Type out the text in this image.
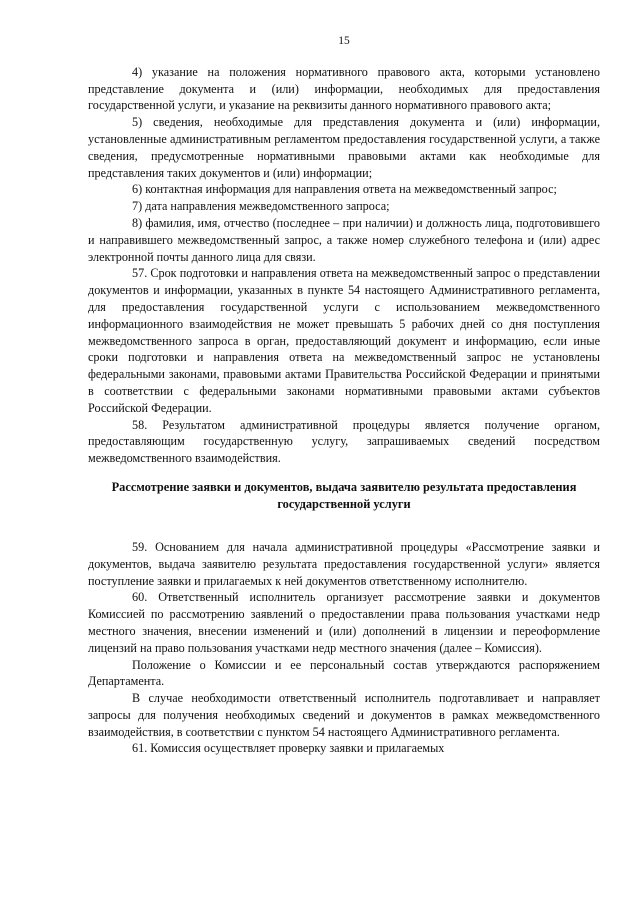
15

4) указание на положения нормативного правового акта, которыми установлено представление документа и (или) информации, необходимых для предоставления государственной услуги, и указание на реквизиты данного нормативного правового акта;

5) сведения, необходимые для представления документа и (или) информации, установленные административным регламентом предоставления государственной услуги, а также сведения, предусмотренные нормативными правовыми актами как необходимые для представления таких документов и (или) информации;

6) контактная информация для направления ответа на межведомственный запрос;

7) дата направления межведомственного запроса;

8) фамилия, имя, отчество (последнее – при наличии) и должность лица, подготовившего и направившего межведомственный запрос, а также номер служебного телефона и (или) адрес электронной почты данного лица для связи.

57. Срок подготовки и направления ответа на межведомственный запрос о представлении документов и информации, указанных в пункте 54 настоящего Административного регламента, для предоставления государственной услуги с использованием межведомственного информационного взаимодействия не может превышать 5 рабочих дней со дня поступления межведомственного запроса в орган, предоставляющий документ и информацию, если иные сроки подготовки и направления ответа на межведомственный запрос не установлены федеральными законами, правовыми актами Правительства Российской Федерации и принятыми в соответствии с федеральными законами нормативными правовыми актами субъектов Российской Федерации.

58. Результатом административной процедуры является получение органом, предоставляющим государственную услугу, запрашиваемых сведений посредством межведомственного взаимодействия.

Рассмотрение заявки и документов, выдача заявителю результата предоставления государственной услуги

59. Основанием для начала административной процедуры «Рассмотрение заявки и документов, выдача заявителю результата предоставления государственной услуги» является поступление заявки и прилагаемых к ней документов ответственному исполнителю.

60. Ответственный исполнитель организует рассмотрение заявки и документов Комиссией по рассмотрению заявлений о предоставлении права пользования участками недр местного значения, внесении изменений и (или) дополнений в лицензии и переоформление лицензий на право пользования участками недр местного значения (далее – Комиссия).

Положение о Комиссии и ее персональный состав утверждаются распоряжением Департамента.

В случае необходимости ответственный исполнитель подготавливает и направляет запросы для получения необходимых сведений и документов в рамках межведомственного взаимодействия, в соответствии с пунктом 54 настоящего Административного регламента.

61. Комиссия осуществляет проверку заявки и прилагаемых
